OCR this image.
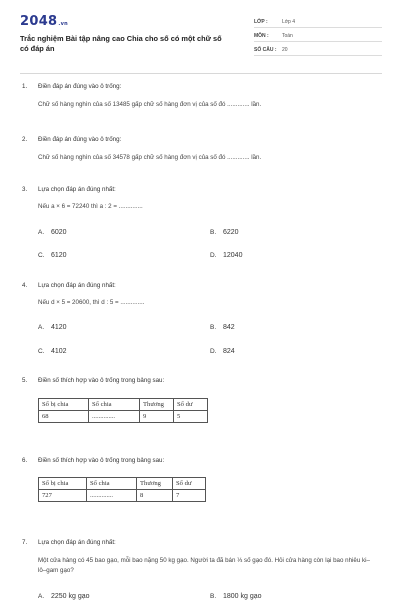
2048.vn
Trắc nghiệm Bài tập nâng cao Chia cho số có một chữ số có đáp án
LỚP :	Lớp 4
MÔN :	Toán
SỐ CÂU :	20
1. Điền đáp án đúng vào ô trống:
Chữ số hàng nghìn của số 13485 gấp chữ số hàng đơn vị của số đó ............. lần.
2. Điền đáp án đúng vào ô trống:
Chữ số hàng nghìn của số 34578 gấp chữ số hàng đơn vị của số đó ............. lần.
3. Lựa chọn đáp án đúng nhất:
Nếu a × 6 = 72240 thì a : 2 = ..............
A. 6020	B. 6220
C. 6120	D. 12040
4. Lựa chọn đáp án đúng nhất:
Nếu d × 5 = 20600, thì d : 5 = ..............
A. 4120	B. 842
C. 4102	D. 824
5. Điền số thích hợp vào ô trống trong bảng sau:
Số bị chia	Số chia	Thương	Số dư
68	..............	9	5
6. Điền số thích hợp vào ô trống trong bảng sau:
Số bị chia	Số chia	Thương	Số dư
727	..............	8	7
7. Lựa chọn đáp án đúng nhất:
Một cửa hàng có 45 bao gạo, mỗi bao nặng 50 kg gạo. Người ta đã bán ⅓ số gạo đó. Hỏi cửa hàng còn lại bao nhiêu ki–lô–gam gạo?
A. 2250 kg gạo	B. 1800 kg gạo
